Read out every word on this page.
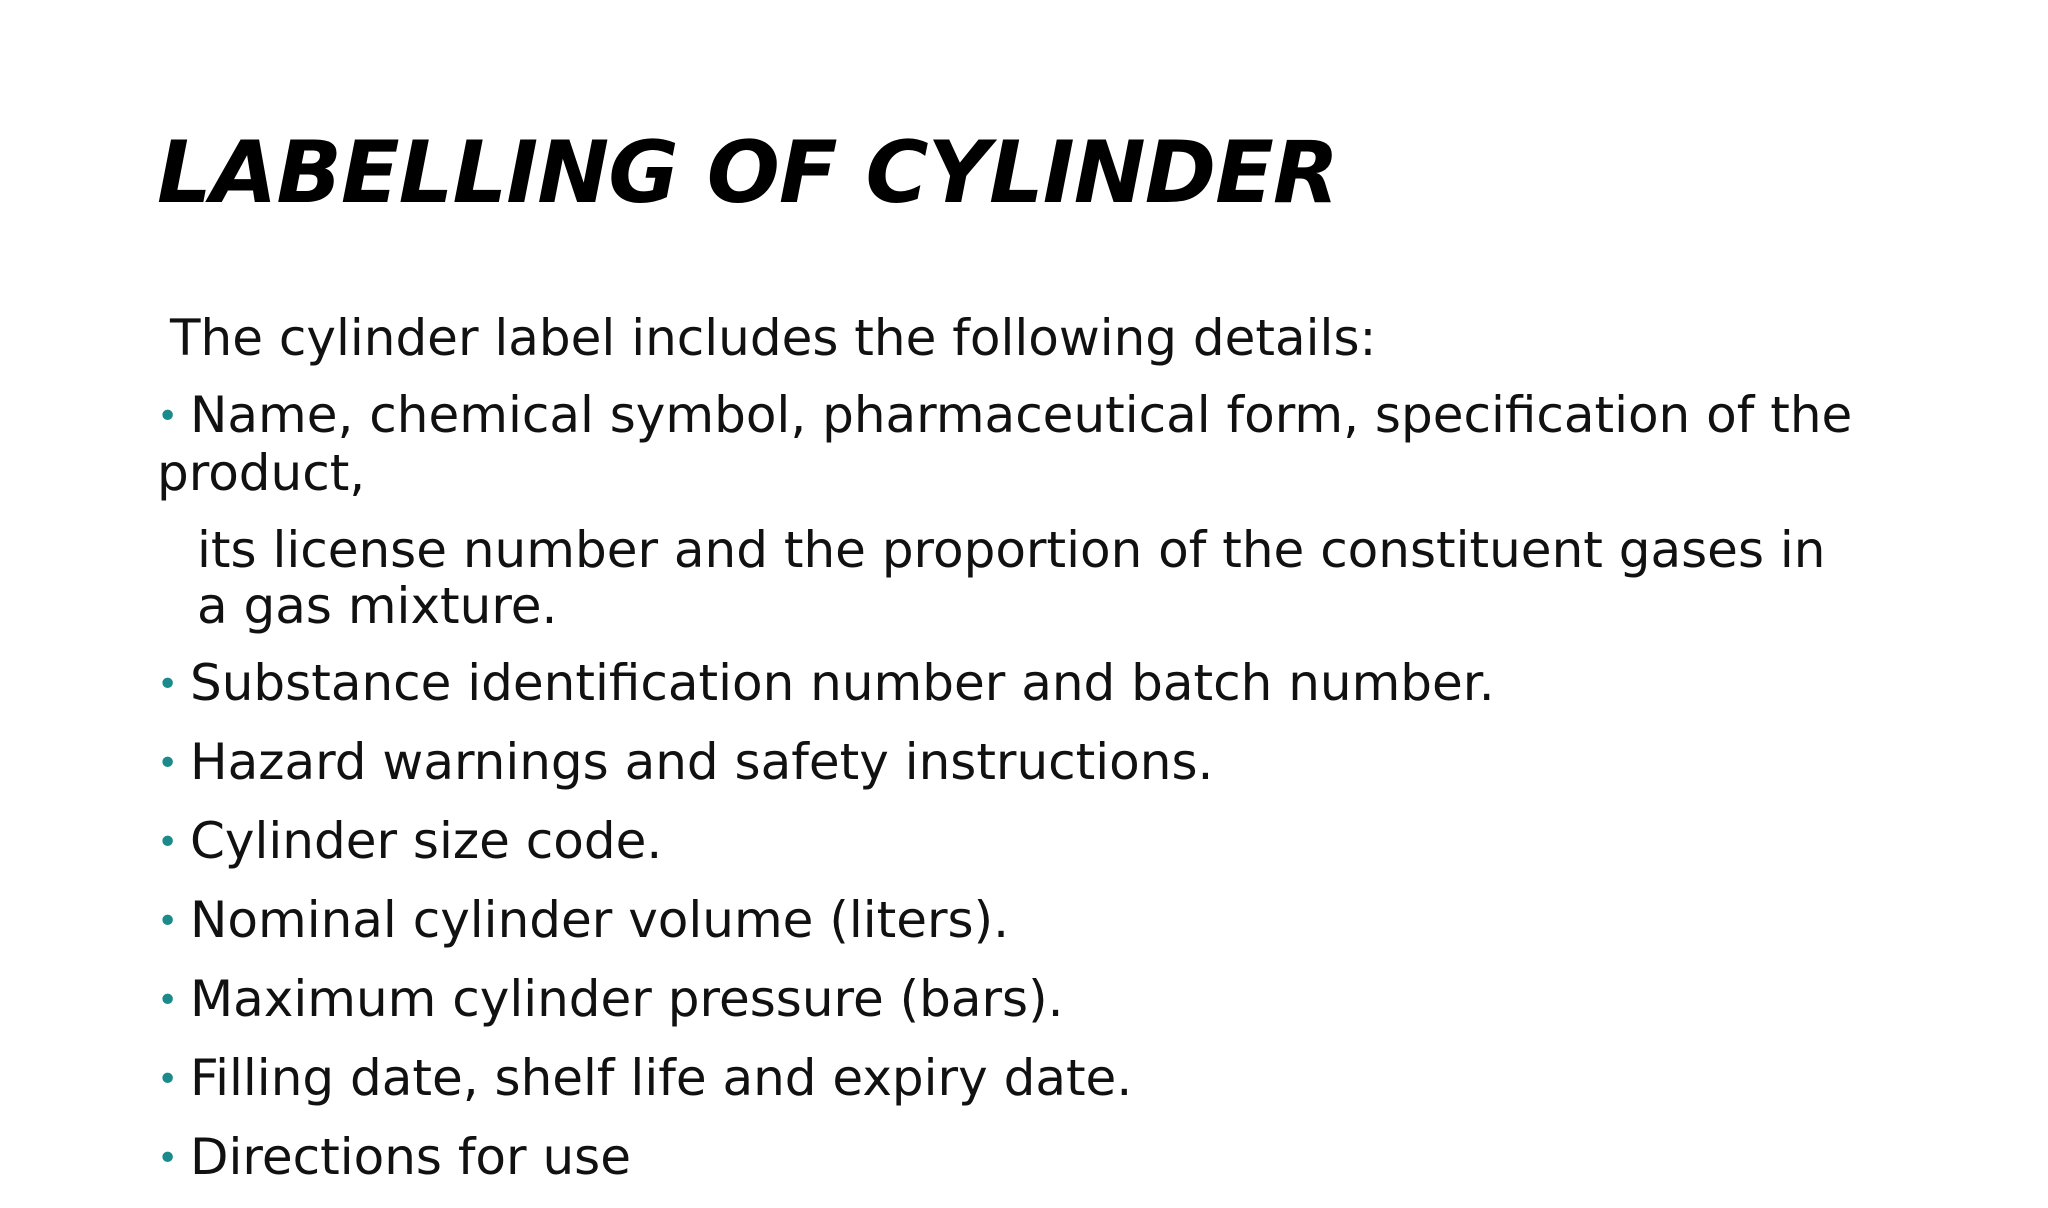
LABELLING OF CYLINDER

The cylinder label includes the following details:

• Name, chemical symbol, pharmaceutical form, specification of the product,

its license number and the proportion of the constituent gases in a gas mixture.

• Substance identification number and batch number.

• Hazard warnings and safety instructions.

• Cylinder size code.

• Nominal cylinder volume (liters).

• Maximum cylinder pressure (bars).

• Filling date, shelf life and expiry date.

• Directions for use
